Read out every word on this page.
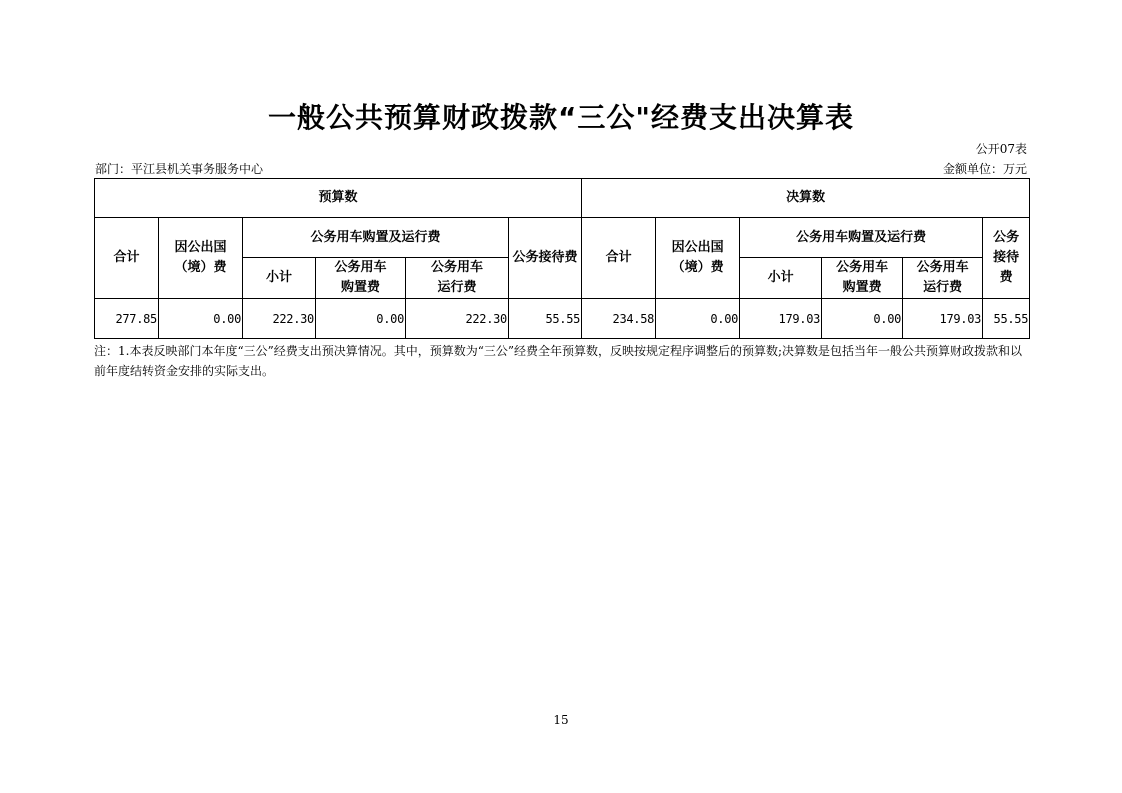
一般公共预算财政拨款“三公"经费支出决算表
公开07表
部门：平江县机关事务服务中心	金额单位：万元
预算数						决算数					
合计	因公出国（境）费	公务用车购置及运行费			公务接待费	合计	因公出国（境）费	公务用车购置及运行费			公务接待费
		小计	公务用车购置费	公务用车运行费				小计	公务用车购置费	公务用车运行费	
277.85	0.00	222.30	0.00	222.30	55.55	234.58	0.00	179.03	0.00	179.03	55.55
注：1.本表反映部门本年度“三公”经费支出预决算情况。其中，预算数为“三公”经费全年预算数，反映按规定程序调整后的预算数;决算数是包括当年一般公共预算财政拨款和以前年度结转资金安排的实际支出。
15
